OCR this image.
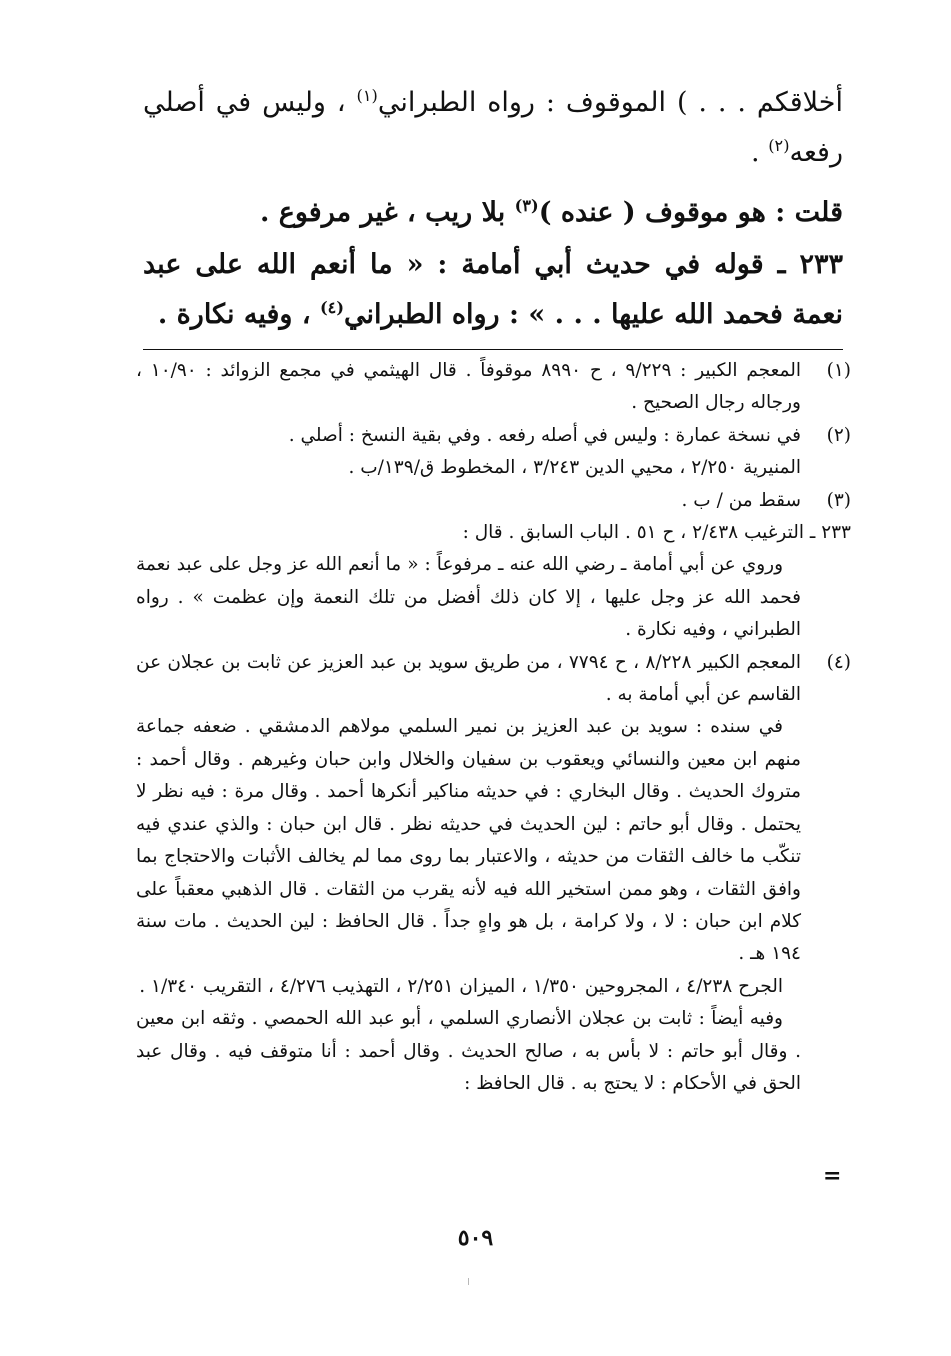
أخلاقكم . . . ) الموقوف : رواه الطبراني$^{(١)}$ ، وليس في أصلي رفعه$^{(٢)}$ .

قلت : هو موقوف ( عنده )$^{(٣)}$ بلا ريب ، غير مرفوع .

٢٣٣ ـ قوله في حديث أبي أمامة : « ما أنعم الله على عبد نعمة فحمد الله عليها . . . » : رواه الطبراني$^{(٤)}$ ، وفيه نكارة .

(١)

المعجم الكبير : ٩/٢٢٩ ، ح ٨٩٩٠ موقوفاً . قال الهيثمي في مجمع الزوائد : ١٠/٩٠ ، ورجاله رجال الصحيح .

(٢)

في نسخة عمارة : وليس في أصله رفعه . وفي بقية النسخ : أصلي .

المنيرية ٢/٢٥٠ ، محيي الدين ٣/٢٤٣ ، المخطوط ق/١٣٩/ب .

(٣)

سقط من / ب .

٢٣٣ ـ الترغيب ٢/٤٣٨ ، ح ٥١ . الباب السابق . قال :

وروي عن أبي أمامة ـ رضي الله عنه ـ مرفوعاً : « ما أنعم الله عز وجل على عبد نعمة فحمد الله عز وجل عليها ، إلا كان ذلك أفضل من تلك النعمة وإن عظمت » . رواه الطبراني ، وفيه نكارة .

(٤)

المعجم الكبير ٨/٢٢٨ ، ح ٧٧٩٤ ، من طريق سويد بن عبد العزيز عن ثابت بن عجلان عن القاسم عن أبي أمامة به .

في سنده : سويد بن عبد العزيز بن نمير السلمي مولاهم الدمشقي . ضعفه جماعة منهم ابن معين والنسائي ويعقوب بن سفيان والخلال وابن حبان وغيرهم . وقال أحمد : متروك الحديث . وقال البخاري : في حديثه مناكير أنكرها أحمد . وقال مرة : فيه نظر لا يحتمل . وقال أبو حاتم : لين الحديث في حديثه نظر . قال ابن حبان : والذي عندي فيه تنكّب ما خالف الثقات من حديثه ، والاعتبار بما روى مما لم يخالف الأثبات والاحتجاج بما وافق الثقات ، وهو ممن استخير الله فيه لأنه يقرب من الثقات . قال الذهبي معقباً على كلام ابن حبان : لا ، ولا كرامة ، بل هو واهٍ جداً . قال الحافظ : لين الحديث . مات سنة ١٩٤ هـ .

الجرح ٤/٢٣٨ ، المجروحين ١/٣٥٠ ، الميزان ٢/٢٥١ ، التهذيب ٤/٢٧٦ ، التقريب ١/٣٤٠ .

وفيه أيضاً : ثابت بن عجلان الأنصاري السلمي ، أبو عبد الله الحمصي . وثقه ابن معين . وقال أبو حاتم : لا بأس به ، صالح الحديث . وقال أحمد : أنا متوقف فيه . وقال عبد الحق في الأحكام : لا يحتج به . قال الحافظ :

=
٥٠٩
